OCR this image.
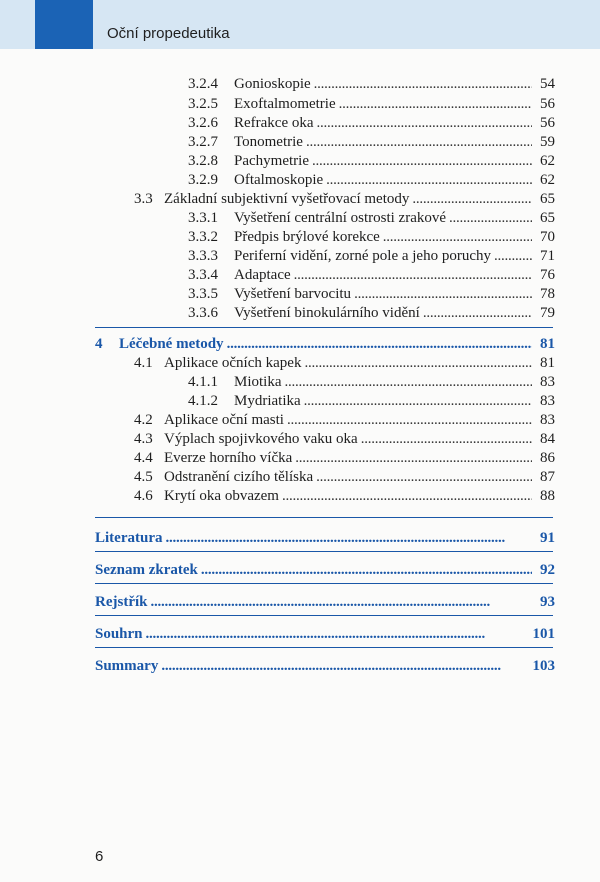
Oční propedeutika
3.2.4	Gonioskopie . . .	54
3.2.5	Exoftalmometrie . . .	56
3.2.6	Refrakce oka . . .	56
3.2.7	Tonometrie . . .	59
3.2.8	Pachymetrie . . .	62
3.2.9	Oftalmoskopie . . .	62
3.3 Základní subjektivní vyšetřovací metody . . .	65
3.3.1	Vyšetření centrální ostrosti zrakové . . .	65
3.3.2	Předpis brýlové korekce . . .	70
3.3.3	Periferní vidění, zorné pole a jeho poruchy . . .	71
3.3.4	Adaptace . . .	76
3.3.5	Vyšetření barvocitu . . .	78
3.3.6	Vyšetření binokulárního vidění . . .	79
4	Léčebné metody . . .	81
4.1 Aplikace očních kapek . . .	81
4.1.1	Miotika . . .	83
4.1.2	Mydriatika . . .	83
4.2 Aplikace oční masti . . .	83
4.3 Výplach spojivkového vaku oka . . .	84
4.4 Everze horního víčka . . .	86
4.5 Odstranění cizího tělíska . . .	87
4.6 Krytí oka obvazem . . .	88
Literatura . . .	91
Seznam zkratek . . .	92
Rejstřík . . .	93
Souhrn . . .	101
Summary . . .	103
6
